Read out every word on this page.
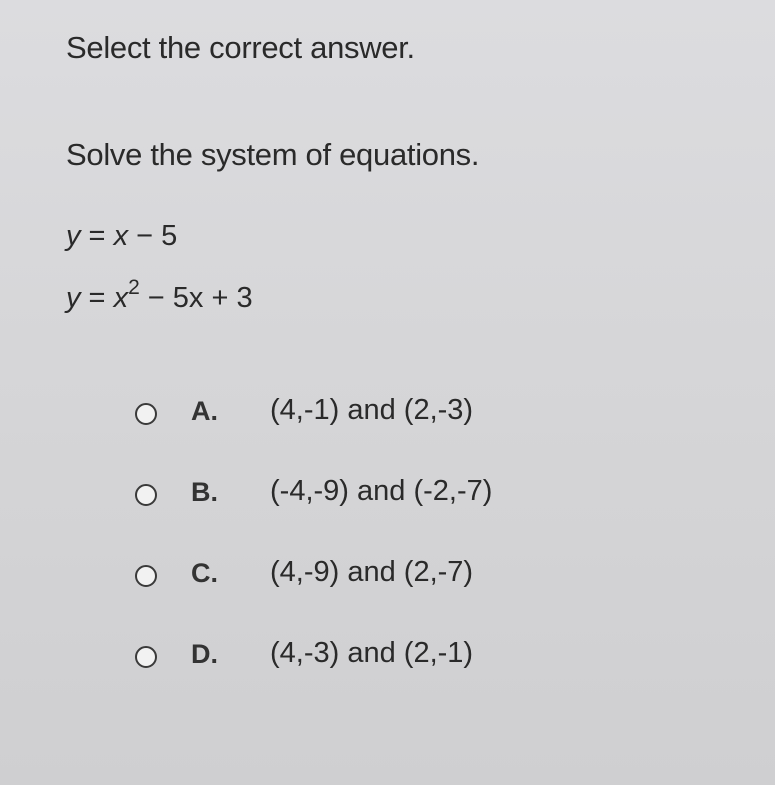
Select the correct answer.
Solve the system of equations.
y = x − 5
$y = x^2 - 5x + 3$
A. (4,-1) and (2,-3)
B. (-4,-9) and (-2,-7)
C. (4,-9) and (2,-7)
D. (4,-3) and (2,-1)
